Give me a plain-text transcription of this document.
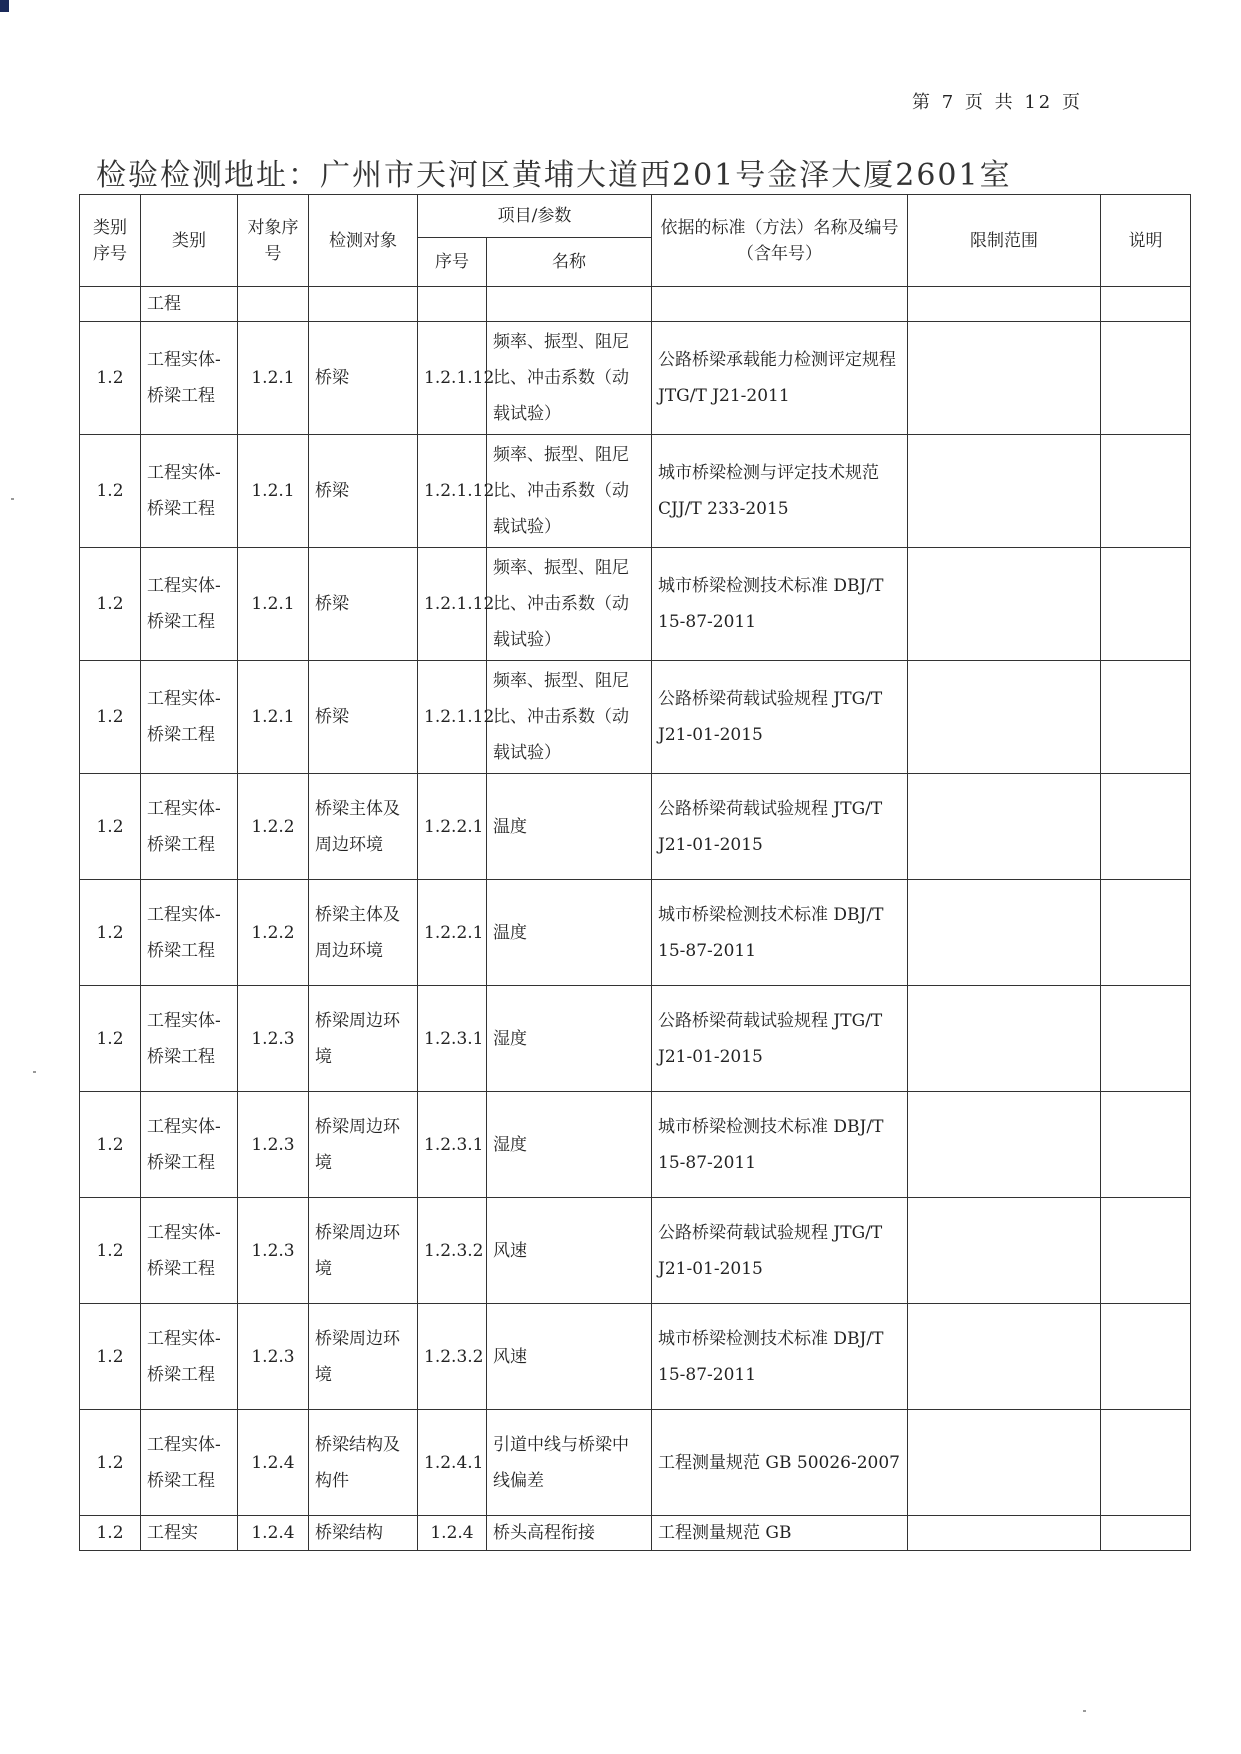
第 7 页 共 12 页
检验检测地址：广州市天河区黄埔大道西201号金泽大厦2601室
类别序号	类别	对象序号	检测对象	项目/参数		依据的标准（方法）名称及编号（含年号）	限制范围	说明
				序号	名称			
	工程							
1.2	工程实体-桥梁工程	1.2.1	桥梁	1.2.1.12	频率、振型、阻尼比、冲击系数（动载试验）	公路桥梁承载能力检测评定规程 JTG/T J21-2011		
1.2	工程实体-桥梁工程	1.2.1	桥梁	1.2.1.12	频率、振型、阻尼比、冲击系数（动载试验）	城市桥梁检测与评定技术规范 CJJ/T 233-2015		
1.2	工程实体-桥梁工程	1.2.1	桥梁	1.2.1.12	频率、振型、阻尼比、冲击系数（动载试验）	城市桥梁检测技术标准 DBJ/T 15-87-2011		
1.2	工程实体-桥梁工程	1.2.1	桥梁	1.2.1.12	频率、振型、阻尼比、冲击系数（动载试验）	公路桥梁荷载试验规程 JTG/T J21-01-2015		
1.2	工程实体-桥梁工程	1.2.2	桥梁主体及周边环境	1.2.2.1	温度	公路桥梁荷载试验规程 JTG/T J21-01-2015		
1.2	工程实体-桥梁工程	1.2.2	桥梁主体及周边环境	1.2.2.1	温度	城市桥梁检测技术标准 DBJ/T 15-87-2011		
1.2	工程实体-桥梁工程	1.2.3	桥梁周边环境	1.2.3.1	湿度	公路桥梁荷载试验规程 JTG/T J21-01-2015		
1.2	工程实体-桥梁工程	1.2.3	桥梁周边环境	1.2.3.1	湿度	城市桥梁检测技术标准 DBJ/T 15-87-2011		
1.2	工程实体-桥梁工程	1.2.3	桥梁周边环境	1.2.3.2	风速	公路桥梁荷载试验规程 JTG/T J21-01-2015		
1.2	工程实体-桥梁工程	1.2.3	桥梁周边环境	1.2.3.2	风速	城市桥梁检测技术标准 DBJ/T 15-87-2011		
1.2	工程实体-桥梁工程	1.2.4	桥梁结构及构件	1.2.4.1	引道中线与桥梁中线偏差	工程测量规范 GB 50026-2007		
1.2	工程实	1.2.4	桥梁结构	1.2.4	桥头高程衔接	工程测量规范 GB		
